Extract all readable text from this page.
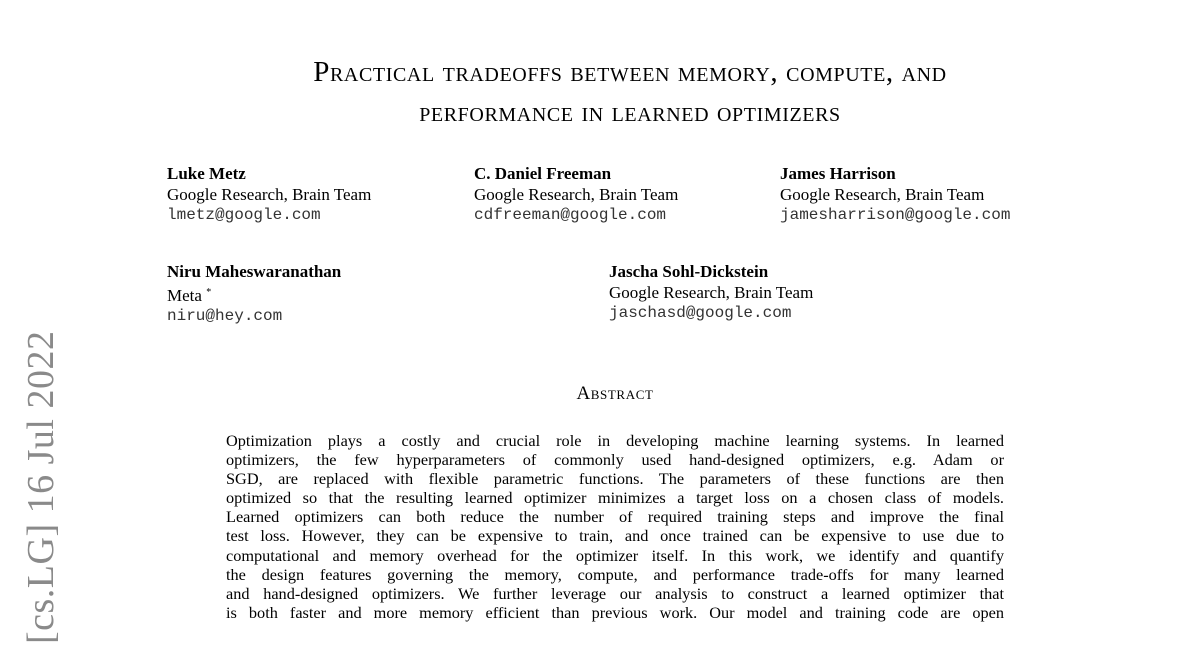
[cs.LG] 16 Jul 2022
Practical tradeoffs between memory, compute, and
performance in learned optimizers
Luke Metz
Google Research, Brain Team
lmetz@google.com
C. Daniel Freeman
Google Research, Brain Team
cdfreeman@google.com
James Harrison
Google Research, Brain Team
jamesharrison@google.com
Niru Maheswaranathan
Meta *
niru@hey.com
Jascha Sohl-Dickstein
Google Research, Brain Team
jaschasd@google.com
Abstract
Optimization plays a costly and crucial role in developing machine learning systems. In learned
optimizers, the few hyperparameters of commonly used hand-designed optimizers, e.g. Adam or
SGD, are replaced with flexible parametric functions. The parameters of these functions are then
optimized so that the resulting learned optimizer minimizes a target loss on a chosen class of models.
Learned optimizers can both reduce the number of required training steps and improve the final
test loss. However, they can be expensive to train, and once trained can be expensive to use due to
computational and memory overhead for the optimizer itself. In this work, we identify and quantify
the design features governing the memory, compute, and performance trade-offs for many learned
and hand-designed optimizers. We further leverage our analysis to construct a learned optimizer that
is both faster and more memory efficient than previous work. Our model and training code are open
